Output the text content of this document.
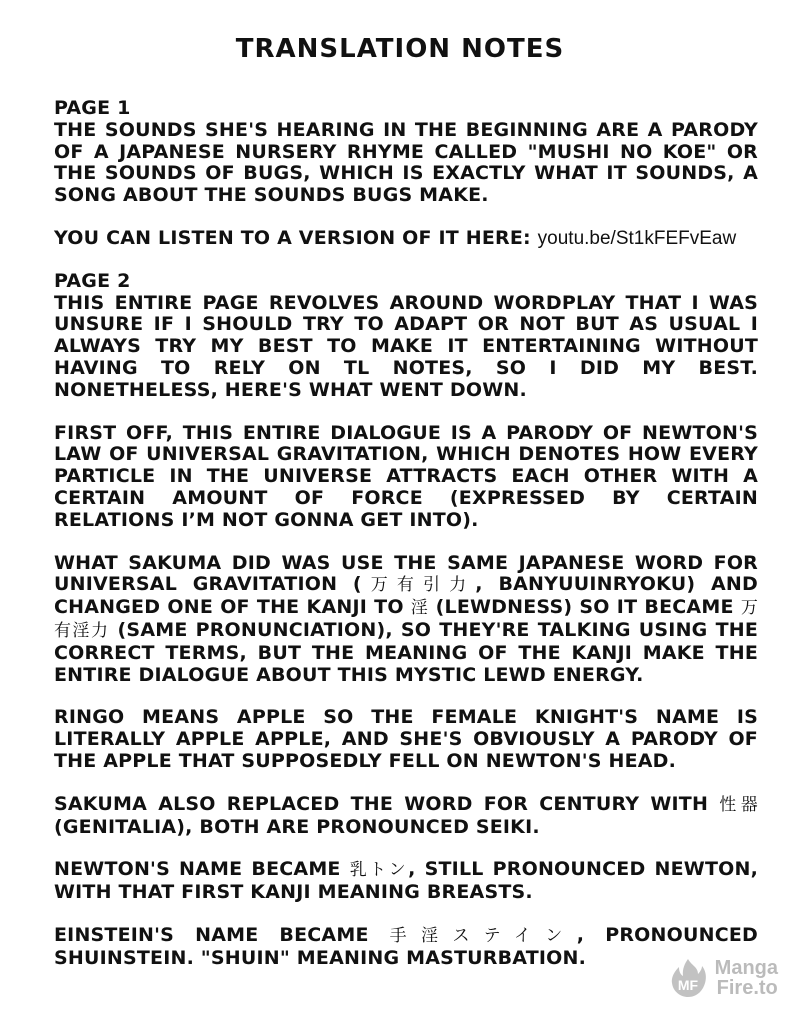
TRANSLATION NOTES

PAGE 1
THE SOUNDS SHE'S HEARING IN THE BEGINNING ARE A PARODY OF A JAPANESE NURSERY RHYME CALLED "MUSHI NO KOE" OR THE SOUNDS OF BUGS, WHICH IS EXACTLY WHAT IT SOUNDS, A SONG ABOUT THE SOUNDS BUGS MAKE.

YOU CAN LISTEN TO A VERSION OF IT HERE: youtu.be/St1kFEFvEaw

PAGE 2
THIS ENTIRE PAGE REVOLVES AROUND WORDPLAY THAT I WAS UNSURE IF I SHOULD TRY TO ADAPT OR NOT BUT AS USUAL I ALWAYS TRY MY BEST TO MAKE IT ENTERTAINING WITHOUT HAVING TO RELY ON TL NOTES, SO I DID MY BEST. NONETHELESS, HERE'S WHAT WENT DOWN.

FIRST OFF, THIS ENTIRE DIALOGUE IS A PARODY OF NEWTON'S LAW OF UNIVERSAL GRAVITATION, WHICH DENOTES HOW EVERY PARTICLE IN THE UNIVERSE ATTRACTS EACH OTHER WITH A CERTAIN AMOUNT OF FORCE (EXPRESSED BY CERTAIN RELATIONS I’M NOT GONNA GET INTO).

WHAT SAKUMA DID WAS USE THE SAME JAPANESE WORD FOR UNIVERSAL GRAVITATION (万有引力, BANYUUINRYOKU) AND CHANGED ONE OF THE KANJI TO 淫 (LEWDNESS) SO IT BECAME 万有淫力 (SAME PRONUNCIATION), SO THEY'RE TALKING USING THE CORRECT TERMS, BUT THE MEANING OF THE KANJI MAKE THE ENTIRE DIALOGUE ABOUT THIS MYSTIC LEWD ENERGY.

RINGO MEANS APPLE SO THE FEMALE KNIGHT'S NAME IS LITERALLY APPLE APPLE, AND SHE'S OBVIOUSLY A PARODY OF THE APPLE THAT SUPPOSEDLY FELL ON NEWTON'S HEAD.

SAKUMA ALSO REPLACED THE WORD FOR CENTURY WITH 性器 (GENITALIA), BOTH ARE PRONOUNCED SEIKI.

NEWTON'S NAME BECAME 乳トン, STILL PRONOUNCED NEWTON, WITH THAT FIRST KANJI MEANING BREASTS.

EINSTEIN'S NAME BECAME 手淫ステイン, PRONOUNCED SHUINSTEIN. "SHUIN" MEANING MASTURBATION.

MF
Manga
Fire.to
